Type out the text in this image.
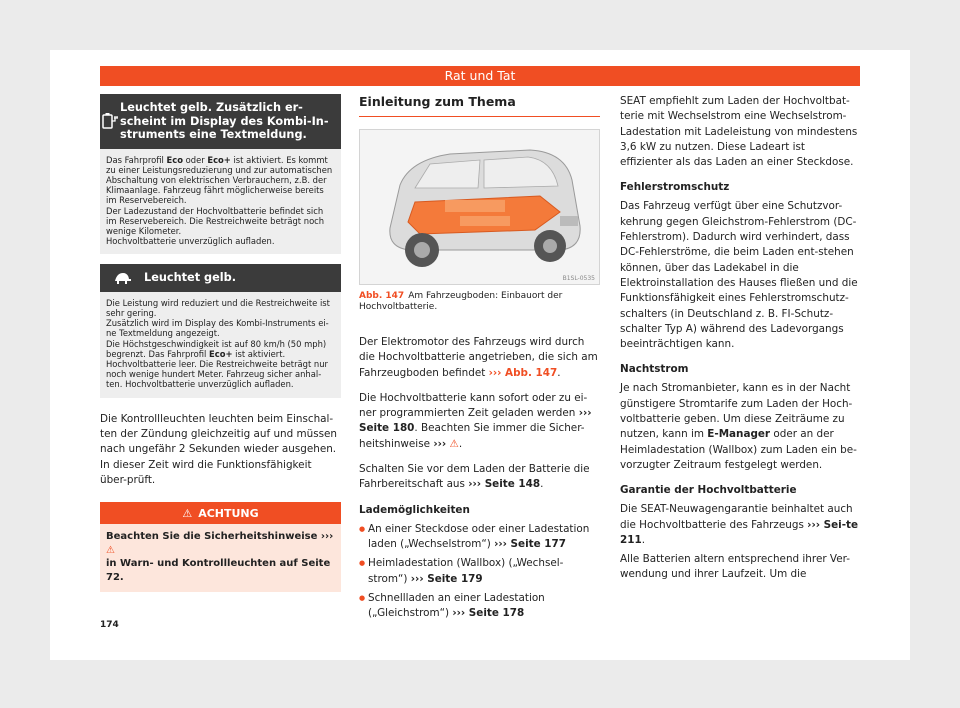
Rat und Tat
Leuchtet gelb. Zusätzlich er-scheint im Display des Kombi-In-struments eine Textmeldung.

Das Fahrprofil Eco oder Eco+ ist aktiviert. Es kommt zu einer Leistungsreduzierung und zur automatischen Abschaltung von elektrischen Verbrauchern, z.B. der Klimaanlage. Fahrzeug fährt möglicherweise bereits im Reservebereich.

Der Ladezustand der Hochvoltbatterie befindet sich im Reservebereich. Die Restreichweite beträgt noch wenige Kilometer.

Hochvoltbatterie unverzüglich aufladen.

Leuchtet gelb.

Die Leistung wird reduziert und die Restreichweite ist sehr gering.

Zusätzlich wird im Display des Kombi-Instruments ei-ne Textmeldung angezeigt.

Die Höchstgeschwindigkeit ist auf 80 km/h (50 mph) begrenzt. Das Fahrprofil Eco+ ist aktiviert.

Hochvoltbatterie leer. Die Restreichweite beträgt nur noch wenige hundert Meter. Fahrzeug sicher anhal-ten. Hochvoltbatterie unverzüglich aufladen.

Die Kontrollleuchten leuchten beim Einschal-ten der Zündung gleichzeitig auf und müssen nach ungefähr 2 Sekunden wieder ausgehen. In dieser Zeit wird die Funktionsfähigkeit über-prüft.

⚠ ACHTUNG
Beachten Sie die Sicherheitshinweise ››› ⚠
in Warn- und Kontrollleuchten auf Seite 72.
174
Einleitung zum Thema
B1SL-0535

Abb. 147 Am Fahrzeugboden: Einbauort der Hochvoltbatterie.

Der Elektromotor des Fahrzeugs wird durch die Hochvoltbatterie angetrieben, die sich am Fahrzeugboden befindet ››› Abb. 147.

Die Hochvoltbatterie kann sofort oder zu ei-ner programmierten Zeit geladen werden ››› Seite 180. Beachten Sie immer die Sicher-heitshinweise ››› ⚠.

Schalten Sie vor dem Laden der Batterie die Fahrbereitschaft aus ››› Seite 148.

Lademöglichkeiten

● An einer Steckdose oder einer Ladestation laden („Wechselstrom“) ››› Seite 177
● Heimladestation (Wallbox) („Wechsel-strom“) ››› Seite 179
● Schnellladen an einer Ladestation („Gleichstrom“) ››› Seite 178

SEAT empfiehlt zum Laden der Hochvoltbat-terie mit Wechselstrom eine Wechselstrom-Ladestation mit Ladeleistung von mindestens 3,6 kW zu nutzen. Diese Ladeart ist effizienter als das Laden an einer Steckdose.

Fehlerstromschutz

Das Fahrzeug verfügt über eine Schutzvor-kehrung gegen Gleichstrom-Fehlerstrom (DC-Fehlerstrom). Dadurch wird verhindert, dass DC-Fehlerströme, die beim Laden ent-stehen können, über das Ladekabel in die Elektroinstallation des Hauses fließen und die Funktionsfähigkeit eines Fehlerstromschutz-schalters (in Deutschland z. B. FI-Schutz-schalter Typ A) während des Ladevorgangs beeinträchtigen kann.

Nachtstrom

Je nach Stromanbieter, kann es in der Nacht günstigere Stromtarife zum Laden der Hoch-voltbatterie geben. Um diese Zeiträume zu nutzen, kann im E-Manager oder an der Heimladestation (Wallbox) zum Laden ein be-vorzugter Zeitraum festgelegt werden.

Garantie der Hochvoltbatterie

Die SEAT-Neuwagengarantie beinhaltet auch die Hochvoltbatterie des Fahrzeugs ››› Sei-te 211.

Alle Batterien altern entsprechend ihrer Ver-wendung und ihrer Laufzeit. Um die
